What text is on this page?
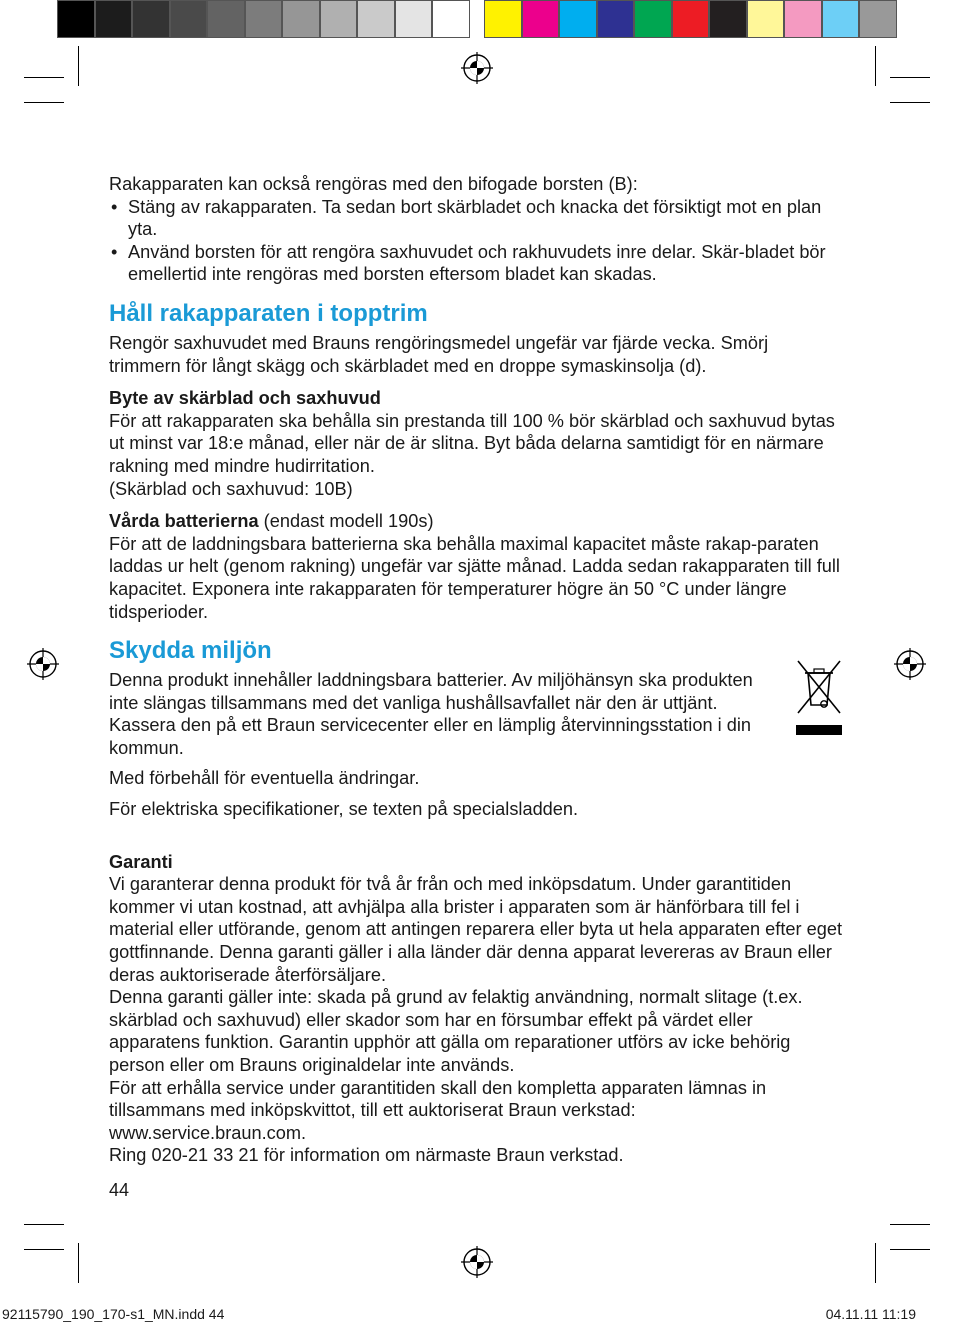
Rakapparaten kan också rengöras med den bifogade borsten (B):

• Stäng av rakapparaten. Ta sedan bort skärbladet och knacka det försiktigt mot en plan yta.
• Använd borsten för att rengöra saxhuvudet och rakhuvudets inre delar. Skär-bladet bör emellertid inte rengöras med borsten eftersom bladet kan skadas.
Håll rakapparaten i topptrim

Rengör saxhuvudet med Brauns rengöringsmedel ungefär var fjärde vecka. Smörj trimmern för långt skägg och skärbladet med en droppe symaskinsolja (d).

Byte av skärblad och saxhuvud

För att rakapparaten ska behålla sin prestanda till 100 % bör skärblad och saxhuvud bytas ut minst var 18:e månad, eller när de är slitna. Byt båda delarna samtidigt för en närmare rakning med mindre hudirritation.

(Skärblad och saxhuvud: 10B)

Vårda batterierna (endast modell 190s)

För att de laddningsbara batterierna ska behålla maximal kapacitet måste rakap-paraten laddas ur helt (genom rakning) ungefär var sjätte månad. Ladda sedan rakapparaten till full kapacitet. Exponera inte rakapparaten för temperaturer högre än 50 °C under längre tidsperioder.

Skydda miljön

Denna produkt innehåller laddningsbara batterier. Av miljöhänsyn ska produkten inte slängas tillsammans med det vanliga hushållsavfallet när den är uttjänt. Kassera den på ett Braun servicecenter eller en lämplig återvinningsstation i din kommun.

Med förbehåll för eventuella ändringar.

För elektriska specifikationer, se texten på specialsladden.

Garanti

Vi garanterar denna produkt för två år från och med inköpsdatum. Under garantitiden kommer vi utan kostnad, att avhjälpa alla brister i apparaten som är hänförbara till fel i material eller utförande, genom att antingen reparera eller byta ut hela apparaten efter eget gottfinnande. Denna garanti gäller i alla länder där denna apparat levereras av Braun eller deras auktoriserade återförsäljare.

Denna garanti gäller inte: skada på grund av felaktig användning, normalt slitage (t.ex. skärblad och saxhuvud) eller skador som har en försumbar effekt på värdet eller apparatens funktion. Garantin upphör att gälla om reparationer utförs av icke behörig person eller om Brauns originaldelar inte används.

För att erhålla service under garantitiden skall den kompletta apparaten lämnas in tillsammans med inköpskvittot, till ett auktoriserat Braun verkstad:

www.service.braun.com.

Ring 020-21 33 21 för information om närmaste Braun verkstad.

44
92115790_190_170-s1_MN.indd 44	04.11.11 11:19
